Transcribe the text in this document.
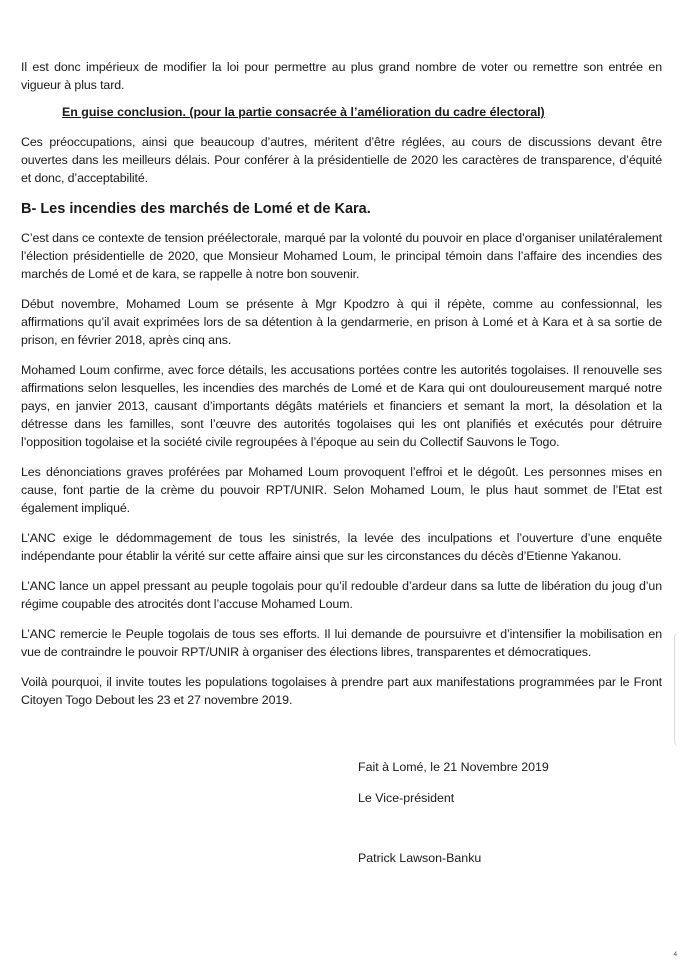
Il est donc impérieux de modifier la loi pour permettre au plus grand nombre de voter ou remettre son entrée en vigueur à plus tard.

En guise conclusion. (pour la partie consacrée à l’amélioration du cadre électoral)

Ces préoccupations, ainsi que beaucoup d’autres, méritent d’être réglées, au cours de discussions devant être ouvertes dans les meilleurs délais. Pour conférer à la présidentielle de 2020 les caractères de transparence, d’équité et donc, d’acceptabilité.

B- Les incendies des marchés de Lomé et de Kara.

C’est dans ce contexte de tension préélectorale, marqué par la volonté du pouvoir en place d’organiser unilatéralement l’élection présidentielle de 2020, que Monsieur Mohamed Loum, le principal témoin dans l’affaire des incendies des marchés de Lomé et de kara, se rappelle à notre bon souvenir.

Début novembre, Mohamed Loum se présente à Mgr Kpodzro à qui il répète, comme au confessionnal, les affirmations qu’il avait exprimées lors de sa détention à la gendarmerie, en prison à Lomé et à Kara et à sa sortie de prison, en février 2018, après cinq ans.

Mohamed Loum confirme, avec force détails, les accusations portées contre les autorités togolaises. Il renouvelle ses affirmations selon lesquelles, les incendies des marchés de Lomé et de Kara qui ont douloureusement marqué notre pays, en janvier 2013, causant d’importants dégâts matériels et financiers et semant la mort, la désolation et la détresse dans les familles, sont l’œuvre des autorités togolaises qui les ont planifiés et exécutés pour détruire l’opposition togolaise et la société civile regroupées à l’époque au sein du Collectif Sauvons le Togo.

Les dénonciations graves proférées par Mohamed Loum provoquent l’effroi et le dégoût. Les personnes mises en cause, font partie de la crème du pouvoir RPT/UNIR. Selon Mohamed Loum, le plus haut sommet de l’Etat est également impliqué.

L’ANC exige le dédommagement de tous les sinistrés, la levée des inculpations et l’ouverture d’une enquête indépendante pour établir la vérité sur cette affaire ainsi que sur les circonstances du décès d’Etienne Yakanou.

L’ANC lance un appel pressant au peuple togolais pour qu’il redouble d’ardeur dans sa lutte de libération du joug d’un régime coupable des atrocités dont l’accuse Mohamed Loum.

L’ANC remercie le Peuple togolais de tous ses efforts. Il lui demande de poursuivre et d’intensifier la mobilisation en vue de contraindre le pouvoir RPT/UNIR à organiser des élections libres, transparentes et démocratiques.

Voilà pourquoi, il invite toutes les populations togolaises à prendre part aux manifestations programmées par le Front Citoyen Togo Debout les 23 et 27 novembre 2019.

Fait à Lomé, le 21 Novembre 2019
Le Vice-président
Patrick Lawson-Banku
4
